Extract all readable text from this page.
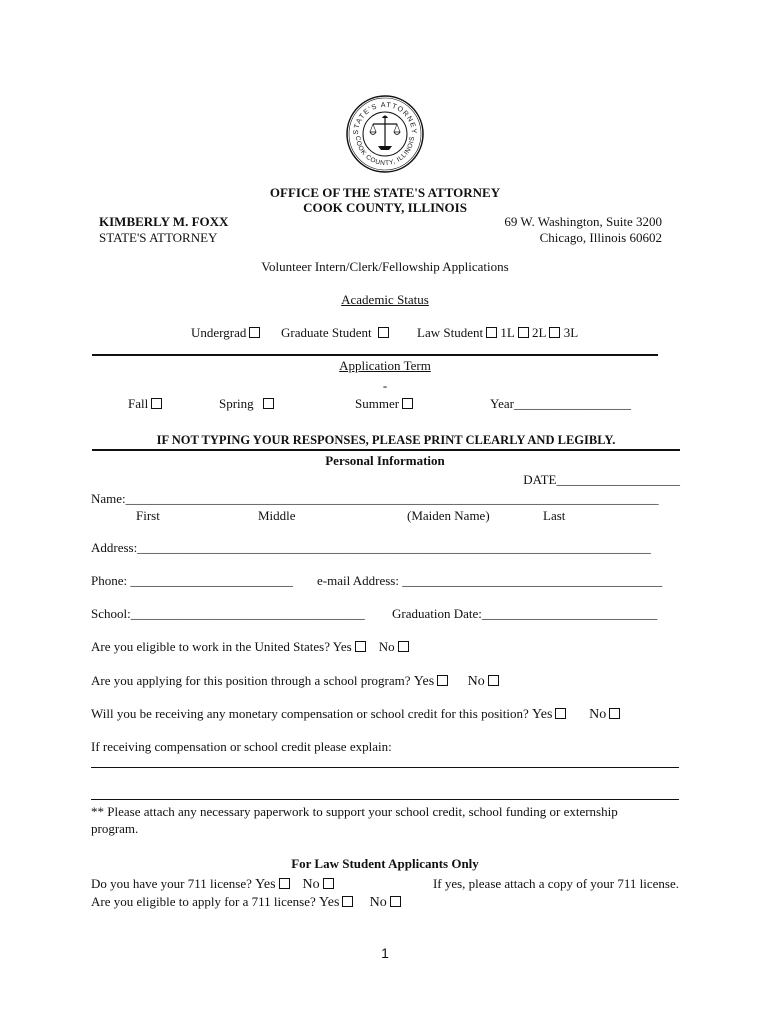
STATE'S ATTORNEY
COOK COUNTY, ILLINOIS
OFFICE OF THE STATE'S ATTORNEY
COOK COUNTY, ILLINOIS
KIMBERLY M. FOXX
STATE'S ATTORNEY
69 W. Washington, Suite 3200
Chicago, Illinois 60602
Volunteer Intern/Clerk/Fellowship Applications
Academic Status
Undergrad	Graduate Student	Law Student 1L 2L 3L
Application Term
-
Fall	Spring	Summer	Year__________________
IF NOT TYPING YOUR RESPONSES, PLEASE PRINT CLEARLY AND LEGIBLY.
Personal Information
DATE___________________
Name:__________________________________________________________________________________
First	Middle	(Maiden Name)	Last
Address:_______________________________________________________________________________
Phone: _________________________ e-mail Address: ________________________________________
School:____________________________________ Graduation Date:___________________________
Are you eligible to work in the United States? Yes No
Are you applying for this position through a school program? Yes No
Will you be receiving any monetary compensation or school credit for this position? Yes	No
If receiving compensation or school credit please explain:
** Please attach any necessary paperwork to support your school credit, school funding or externship
program.
For Law Student Applicants Only
Do you have your 711 license? Yes No	If yes, please attach a copy of your 711 license.
Are you eligible to apply for a 711 license? Yes No
1
